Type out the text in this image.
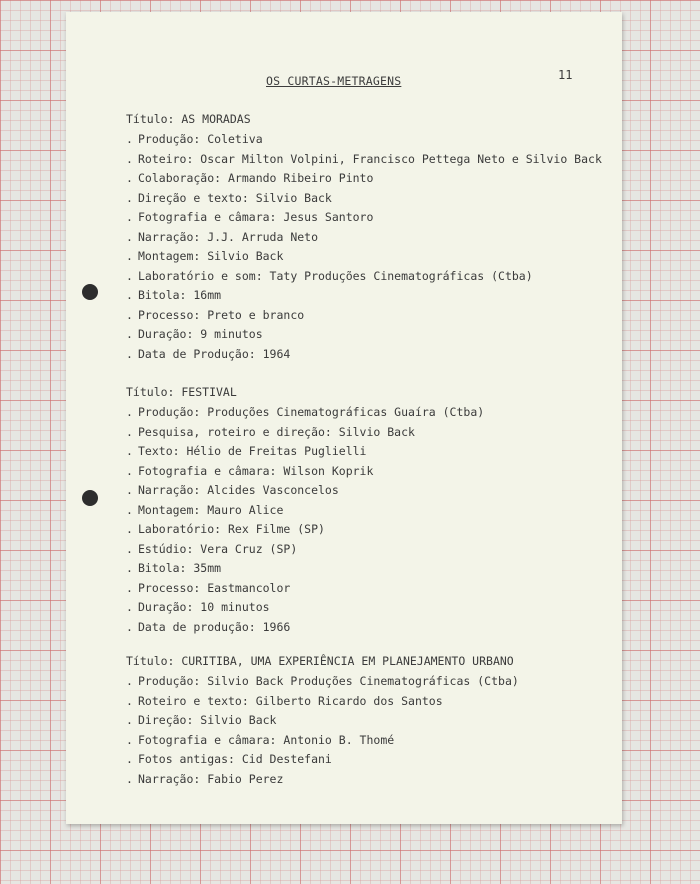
OS CURTAS-METRAGENS	11
Título: AS MORADAS
. Produção: Coletiva
. Roteiro: Oscar Milton Volpini, Francisco Pettega Neto e Silvio Back
. Colaboração: Armando Ribeiro Pinto
. Direção e texto: Silvio Back
. Fotografia e câmara: Jesus Santoro
. Narração: J.J. Arruda Neto
. Montagem: Silvio Back
. Laboratório e som: Taty Produções Cinematográficas (Ctba)
. Bitola: 16mm
. Processo: Preto e branco
. Duração: 9 minutos
. Data de Produção: 1964
Título: FESTIVAL
. Produção: Produções Cinematográficas Guaíra (Ctba)
. Pesquisa, roteiro e direção: Silvio Back
. Texto: Hélio de Freitas Puglielli
. Fotografia e câmara: Wilson Koprik
. Narração: Alcides Vasconcelos
. Montagem: Mauro Alice
. Laboratório: Rex Filme (SP)
. Estúdio: Vera Cruz (SP)
. Bitola: 35mm
. Processo: Eastmancolor
. Duração: 10 minutos
. Data de produção: 1966
Título: CURITIBA, UMA EXPERIÊNCIA EM PLANEJAMENTO URBANO
. Produção: Silvio Back Produções Cinematográficas (Ctba)
. Roteiro e texto: Gilberto Ricardo dos Santos
. Direção: Silvio Back
. Fotografia e câmara: Antonio B. Thomé
. Fotos antigas: Cid Destefani
. Narração: Fabio Perez
